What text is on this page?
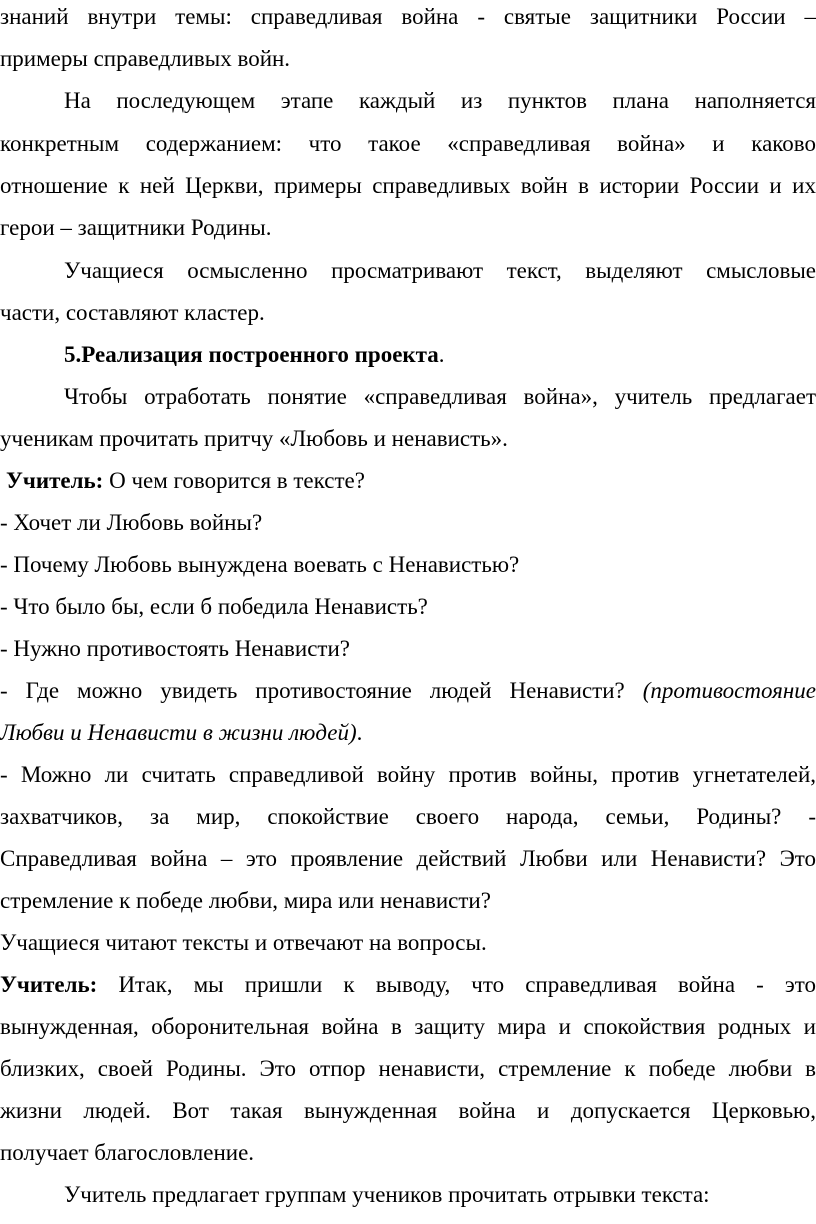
знаний внутри темы: справедливая война - святые защитники России –
примеры справедливых войн.
На последующем этапе каждый из пунктов плана наполняется
конкретным содержанием: что такое «справедливая война» и каково
отношение к ней Церкви, примеры справедливых войн в истории России и их
герои – защитники Родины.
Учащиеся осмысленно просматривают текст, выделяют смысловые
части, составляют кластер.
5.Реализация построенного проекта.
Чтобы отработать понятие «справедливая война», учитель предлагает
ученикам прочитать притчу «Любовь и ненависть».
Учитель: О чем говорится в тексте?
- Хочет ли Любовь войны?
- Почему Любовь вынуждена воевать с Ненавистью?
- Что было бы, если б победила Ненависть?
- Нужно противостоять Ненависти?
- Где можно увидеть противостояние людей Ненависти? (противостояние
Любви и Ненависти в жизни людей).
- Можно ли считать справедливой войну против войны, против угнетателей,
захватчиков, за мир, спокойствие своего народа, семьи, Родины? -
Справедливая война – это проявление действий Любви или Ненависти? Это
стремление к победе любви, мира или ненависти?
Учащиеся читают тексты и отвечают на вопросы.
Учитель: Итак, мы пришли к выводу, что справедливая война - это
вынужденная, оборонительная война в защиту мира и спокойствия родных и
близких, своей Родины. Это отпор ненависти, стремление к победе любви в
жизни людей. Вот такая вынужденная война и допускается Церковью,
получает благословление.
Учитель предлагает группам учеников прочитать отрывки текста:
